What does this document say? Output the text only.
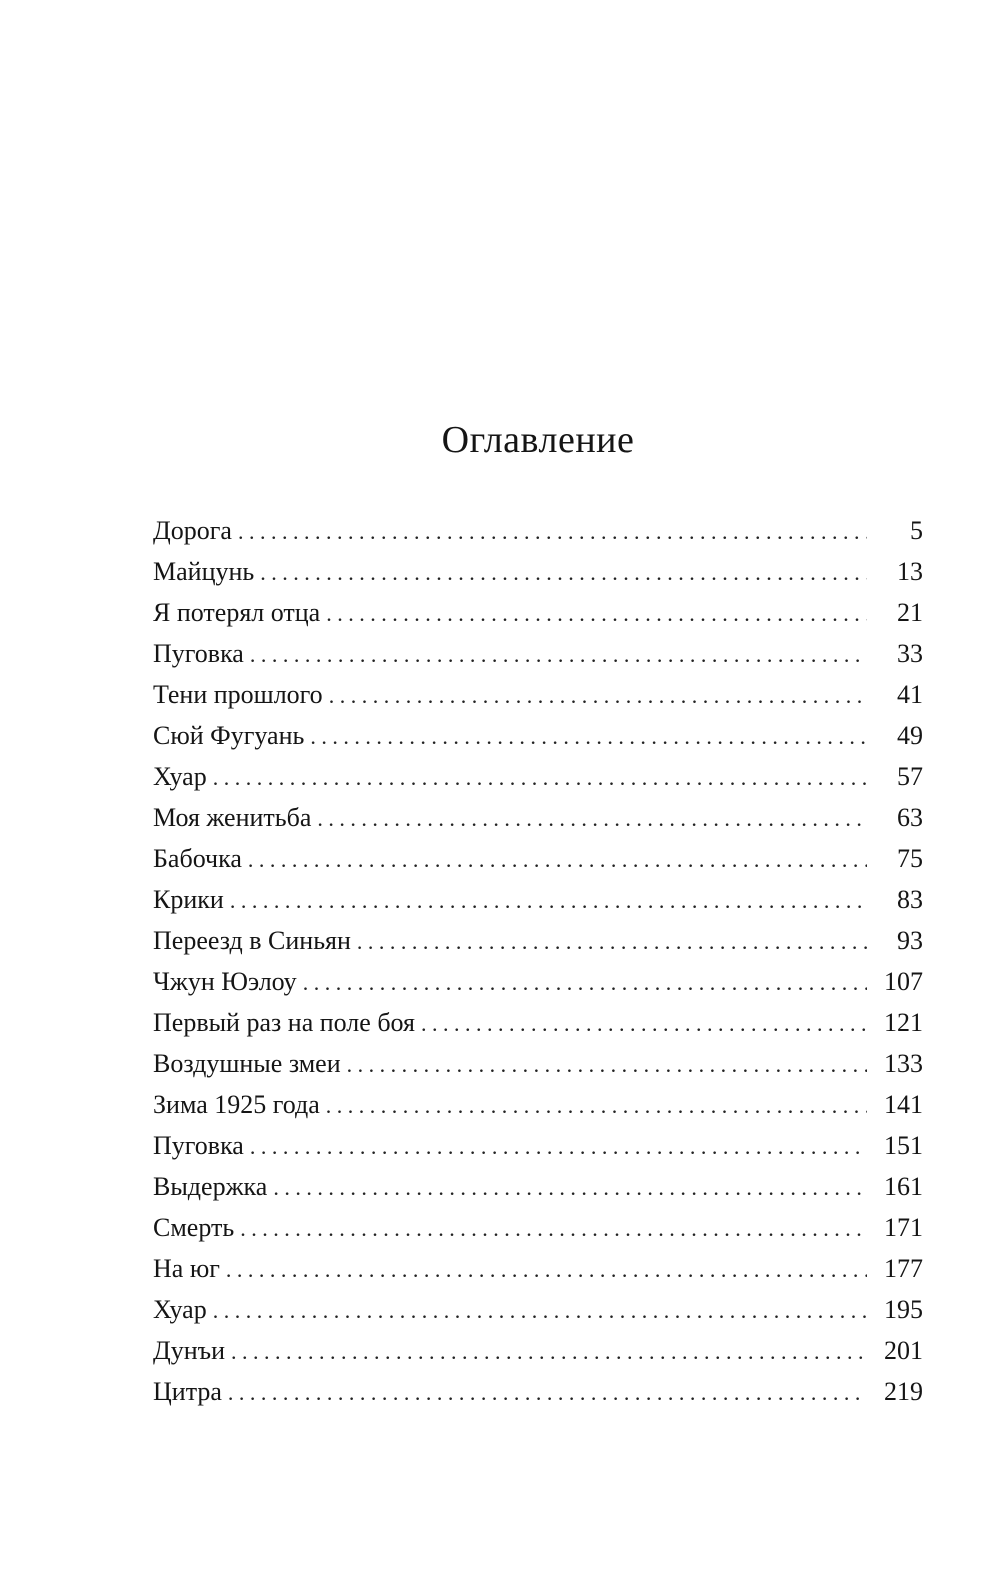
Оглавление
Дорога . . .	5
Майцунь . . .	13
Я потерял отца . . .	21
Пуговка . . .	33
Тени прошлого . . .	41
Сюй Фугуань . . .	49
Хуар . . .	57
Моя женитьба . . .	63
Бабочка . . .	75
Крики . . .	83
Переезд в Синьян . . .	93
Чжун Юэлоу . . .	107
Первый раз на поле боя . . .	121
Воздушные змеи . . .	133
Зима 1925 года . . .	141
Пуговка . . .	151
Выдержка . . .	161
Смерть . . .	171
На юг . . .	177
Хуар . . .	195
Дунъи . . .	201
Цитра . . .	219
